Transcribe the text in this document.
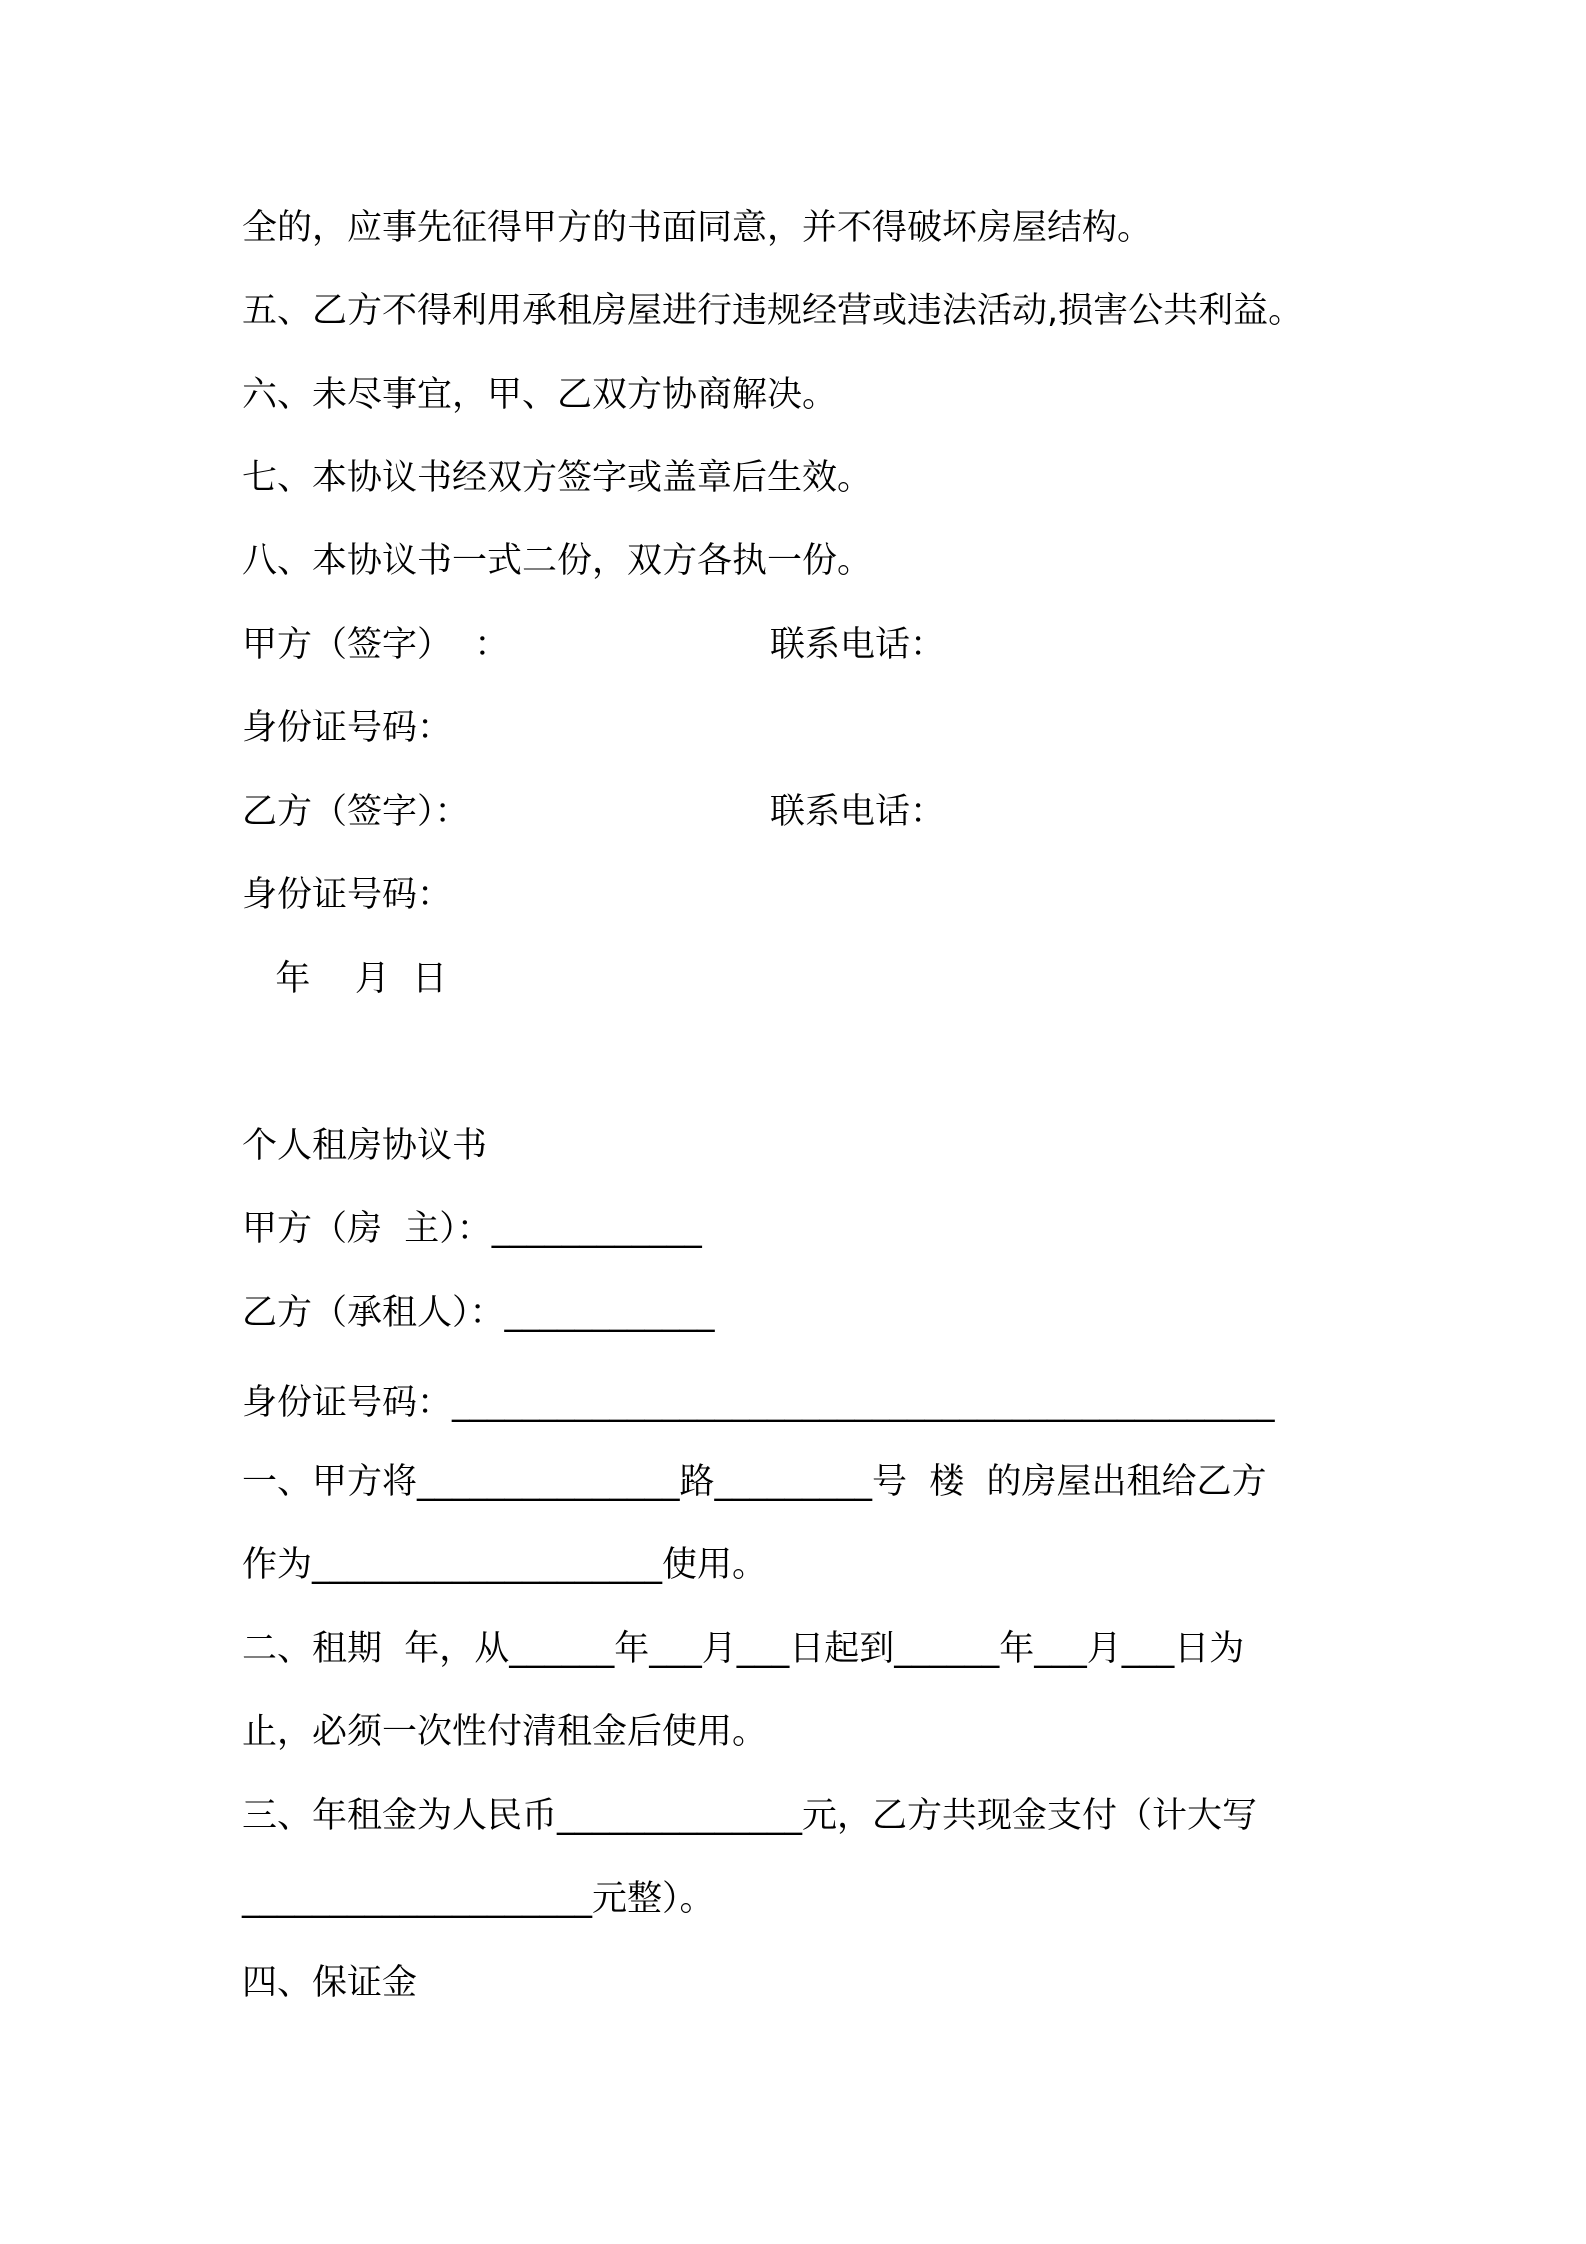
全的，应事先征得甲方的书面同意，并不得破坏房屋结构。

五、乙方不得利用承租房屋进行违规经营或违法活动,损害公共利益。

六、未尽事宜，甲、乙双方协商解决。

七、本协议书经双方签字或盖章后生效。

八、本协议书一式二份，双方各执一份。

甲方（签字）  ：	联系电话：

身份证号码：

乙方（签字）：	联系电话：

身份证号码：

年    月  日

个人租房协议书

甲方（房  主）：____________

乙方（承租人）：____________

身份证号码：_______________________________________________

一、甲方将_______________路_________号  楼  的房屋出租给乙方

作为____________________使用。

二、租期  年，从______年___月___日起到______年___月___日为

止，必须一次性付清租金后使用。

三、年租金为人民币______________元，乙方共现金支付（计大写

____________________元整）。

四、保证金
